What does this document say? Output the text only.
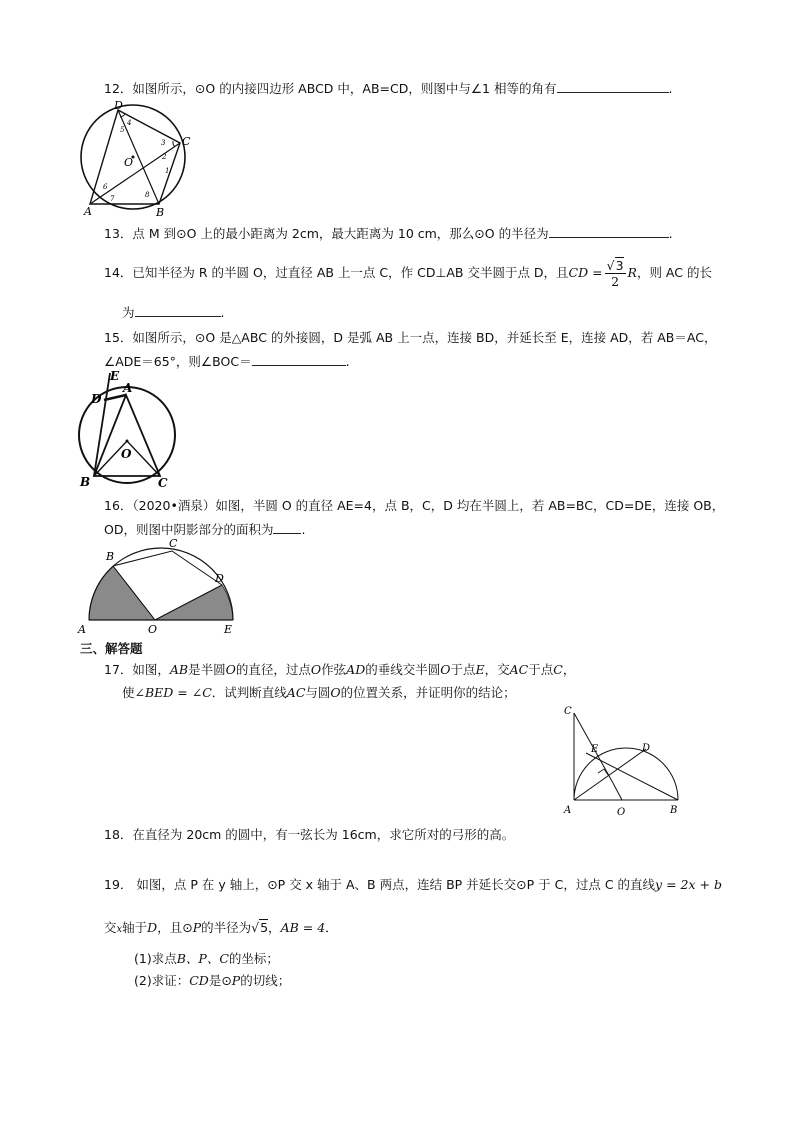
12．如图所示，⊙O 的内接四边形 ABCD 中，AB=CD，则图中与∠1 相等的角有	.
D
C
O
A	B
1
2
3
4
5
6
7	8
13．点 M 到⊙O 上的最小距离为 2cm，最大距离为 10 cm，那么⊙O 的半径为	.
14．已知半径为 R 的半圆 O，过直径 AB 上一点 C，作 CD⊥AB 交半圆于点 D，且CD = $\frac{√3}{2}$ R，则 AC 的长
为	.
15．如图所示，⊙O 是△ABC 的外接圆，D 是弧 AB 上一点，连接 BD，并延长至 E，连接 AD，若 AB＝AC，
∠ADE＝65°，则∠BOC＝	.
E
D
A
O
B	C
16．（2020•酒泉）如图，半圆 O 的直径 AE=4，点 B，C，D 均在半圆上，若 AB=BC，CD=DE，连接 OB，
OD，则图中阴影部分的面积为 .
B
C
D
A	O	E
三、解答题
17．如图，AB是半圆O的直径，过点O作弦AD的垂线交半圆O于点E，交AC于点C，
使∠BED = ∠C．试判断直线AC与圆O的位置关系，并证明你的结论；
C
E	D
A	O	B
18．在直径为 20cm 的圆中，有一弦长为 16cm，求它所对的弓形的高。
19． 如图，点 P 在 y 轴上，⊙P 交 x 轴于 A、B 两点，连结 BP 并延长交⊙P 于 C，过点 C 的直线y = 2x + b
交x轴于D，且⊙P的半径为√5，AB = 4．
(1)求点B、P、C的坐标；
(2)求证：CD是⊙P的切线；
